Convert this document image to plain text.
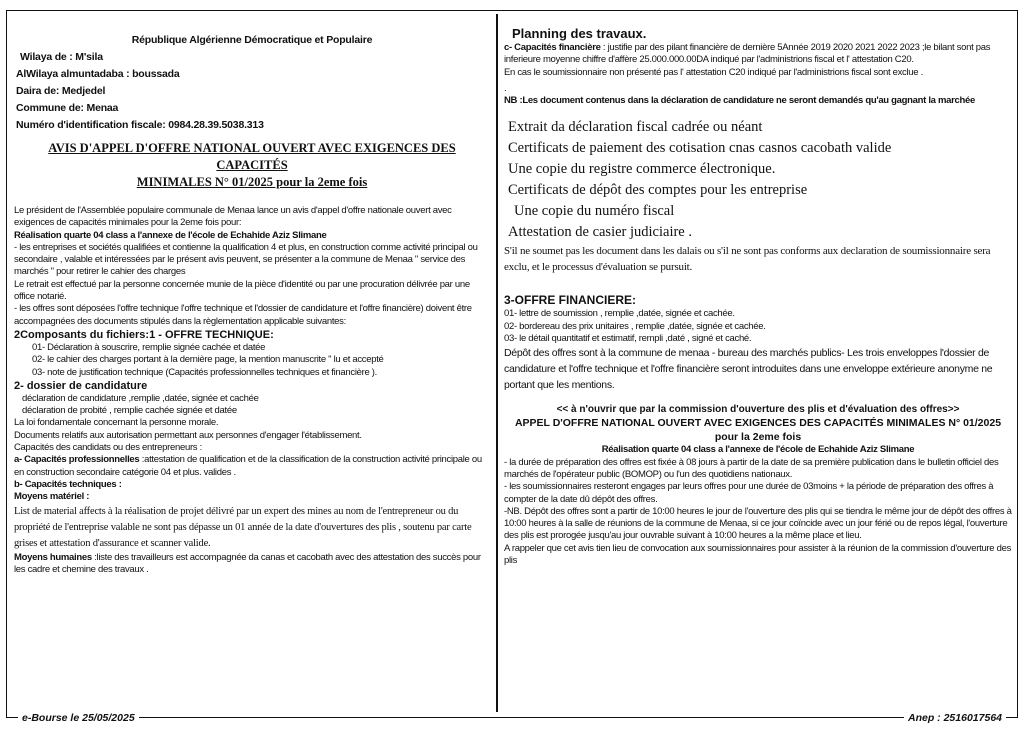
République Algérienne Démocratique et Populaire

Wilaya de : M'sila

AlWilaya almuntadaba : boussada

Daira de: Medjedel

Commune de: Menaa

Numéro d'identification fiscale: 0984.28.39.5038.313

AVIS D'APPEL D'OFFRE NATIONAL OUVERT AVEC EXIGENCES DES CAPACITÉS

MINIMALES N° 01/2025 pour la 2eme fois

Le président de l'Assemblée populaire communale de Menaa lance un avis d'appel d'offre nationale ouvert avec exigences de capacités minimales pour la 2eme fois pour:

Réalisation quarte 04 class a l'annexe de l'école de Echahide Aziz Slimane

- les entreprises et sociétés qualifiées et contienne la qualification 4 et plus, en construction comme activité principal ou secondaire , valable et intéressées par le présent avis peuvent, se présenter a la commune de Menaa " service des marchés " pour retirer le cahier des charges

Le retrait est effectué par la personne concernée munie de la pièce d'identité ou par une procuration délivrée par une office notarié.

- les offres sont déposées l'offre technique l'offre technique et l'dossier de candidature et l'offre financière) doivent être accompagnées des documents stipulés dans la règlementation applicable suivantes:

2Composants du fichiers:1 - OFFRE TECHNIQUE:

01- Déclaration à souscrire, remplie signée cachée et datée

02- le cahier des charges portant à la dernière page, la mention manuscrite " lu et accepté

03- note de justification technique (Capacités professionnelles techniques et financière ).

2- dossier de candidature

déclaration de candidature ,remplie ,datée, signée et cachée

déclaration de probité , remplie cachée signée et datée

La loi fondamentale concernant la personne morale.

Documents relatifs aux autorisation permettant aux personnes d'engager l'établissement.

Capacités des candidats ou des entrepreneurs :

a- Capacités professionnelles :attestation de qualification et de la classification de la construction activité principale ou en construction secondaire catégorie 04 et plus. valides .

b- Capacités techniques :

Moyens matériel :

List de material affects à la réalisation de projet délivré par un expert des mines au nom de l'entrepreneur ou du propriété de l'entreprise valable ne sont pas dépasse un 01 année de la date d'ouvertures des plis , soutenu par carte grises et attestation d'assurance et scanner valide.

Moyens humaines :liste des travailleurs est accompagnée da canas et cacobath avec des attestation des succès pour les cadre et chemine des travaux .

Planning des travaux.

c- Capacités financière : justifie par des pilant financière de dernière 5Année 2019 2020 2021 2022 2023 ;le bilant sont pas inferieure moyenne chiffre d'affère 25.000.000.00DA indiqué par l'administrions fiscal et l' attestation C20.

En cas le soumissionnaire non présenté pas l' attestation C20 indiqué par l'administrions fiscal sont exclue .

.

NB :Les document contenus dans la déclaration de candidature ne seront demandés qu'au gagnant la marchée

Extrait da déclaration fiscal cadrée ou néant

Certificats de paiement des cotisation cnas casnos cacobath valide

Une copie du registre commerce électronique.

Certificats de dépôt des comptes pour les entreprise

Une copie du numéro fiscal

Attestation de casier judiciaire .

S'il ne soumet pas les document dans les dalais ou s'il ne sont pas conforms aux declaration de soumissionnaire sera exclu, et le processus d'évaluation se pursuit.

3-OFFRE FINANCIERE:

01- lettre de soumission , remplie ,datée, signée et cachée.

02- bordereau des prix unitaires , remplie ,datée, signée et cachée.

03- le détail quantitatif et estimatif, rempli ,daté , signé et caché.

Dépôt des offres sont à la commune de menaa - bureau des marchés publics- Les trois enveloppes l'dossier de candidature et l'offre technique et l'offre financière seront introduites dans une enveloppe extérieure anonyme ne portant que les mentions.

<< à n'ouvrir que par la commission d'ouverture des plis et d'évaluation des offres>>

APPEL D'OFFRE NATIONAL OUVERT AVEC EXIGENCES DES CAPACITÉS MINIMALES N° 01/2025

pour la 2eme fois

Réalisation quarte 04 class a l'annexe de l'école de Echahide Aziz Slimane

- la durée de préparation des offres est fixée à 08 jours à partir de la date de sa première publication dans le bulletin officiel des marchés de l'opérateur public (BOMOP) ou l'un des quotidiens nationaux.

- les soumissionnaires resteront engages par leurs offres pour une durée de 03moins + la période de préparation des offres à compter de la date dû dépôt des offres.

-NB. Dépôt des offres sont a partir de 10:00 heures le jour de l'ouverture des plis qui se tiendra le même jour de dépôt des offres à 10:00 heures à la salle de réunions de la commune de Menaa, si ce jour coïncide avec un jour férié ou de repos légal, l'ouverture des plis est prorogée jusqu'au jour ouvrable suivant à 10:00 heures a la même place et lieu.

A rappeler que cet avis tien lieu de convocation aux soumissionnaires pour assister à la réunion de la commission d'ouverture des plis

e-Bourse le 25/05/2025	Anep : 2516017564
